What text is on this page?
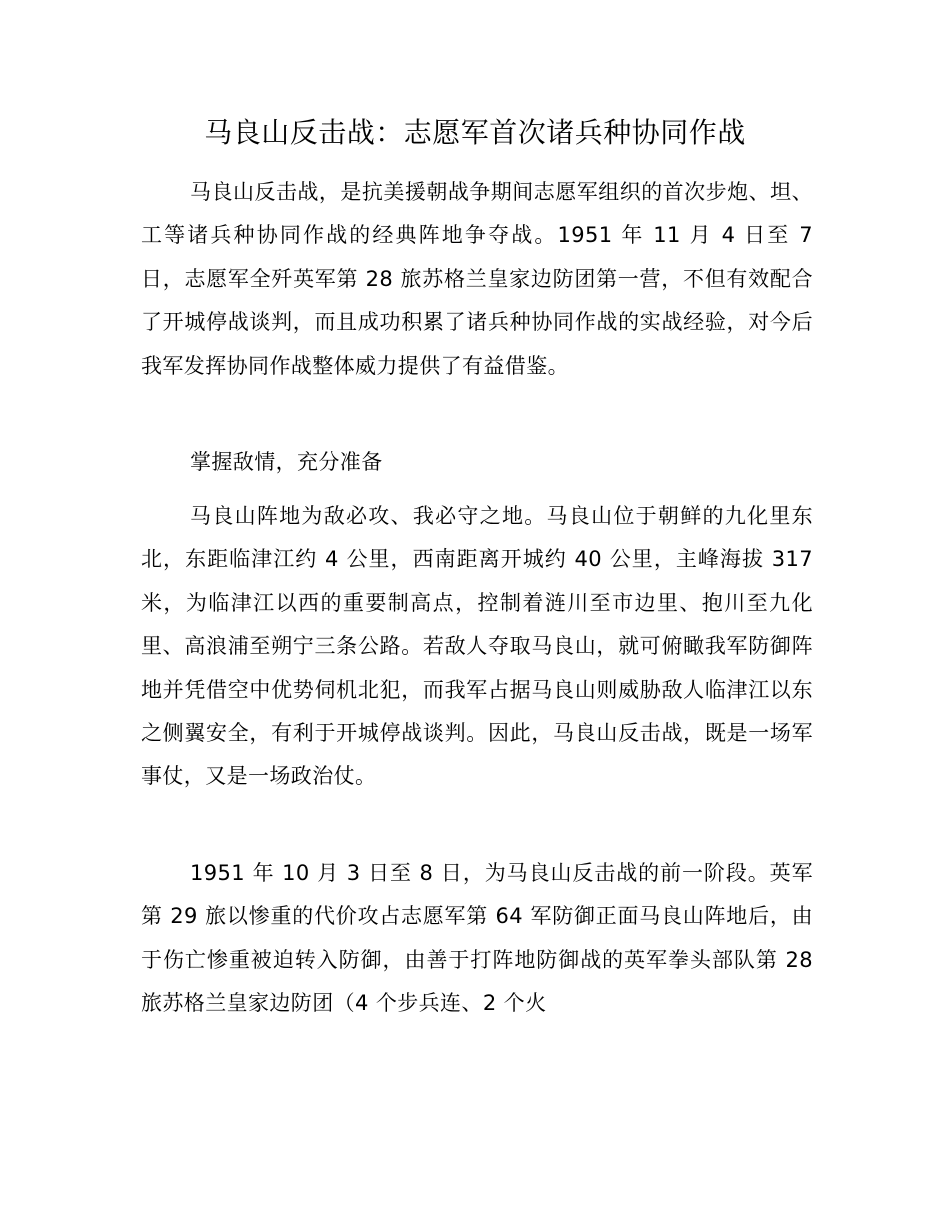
马良山反击战：志愿军首次诸兵种协同作战
马良山反击战，是抗美援朝战争期间志愿军组织的首次步炮、坦、工等诸兵种协同作战的经典阵地争夺战。1951 年 11 月 4 日至 7 日，志愿军全歼英军第 28 旅苏格兰皇家边防团第一营，不但有效配合了开城停战谈判，而且成功积累了诸兵种协同作战的实战经验，对今后我军发挥协同作战整体威力提供了有益借鉴。
掌握敌情，充分准备
马良山阵地为敌必攻、我必守之地。马良山位于朝鲜的九化里东北，东距临津江约 4 公里，西南距离开城约 40 公里，主峰海拔 317 米，为临津江以西的重要制高点，控制着涟川至市边里、抱川至九化里、高浪浦至朔宁三条公路。若敌人夺取马良山，就可俯瞰我军防御阵地并凭借空中优势伺机北犯，而我军占据马良山则威胁敌人临津江以东之侧翼安全，有利于开城停战谈判。因此，马良山反击战，既是一场军事仗，又是一场政治仗。
1951 年 10 月 3 日至 8 日，为马良山反击战的前一阶段。英军第 29 旅以惨重的代价攻占志愿军第 64 军防御正面马良山阵地后，由于伤亡惨重被迫转入防御，由善于打阵地防御战的英军拳头部队第 28 旅苏格兰皇家边防团（4 个步兵连、2 个火
